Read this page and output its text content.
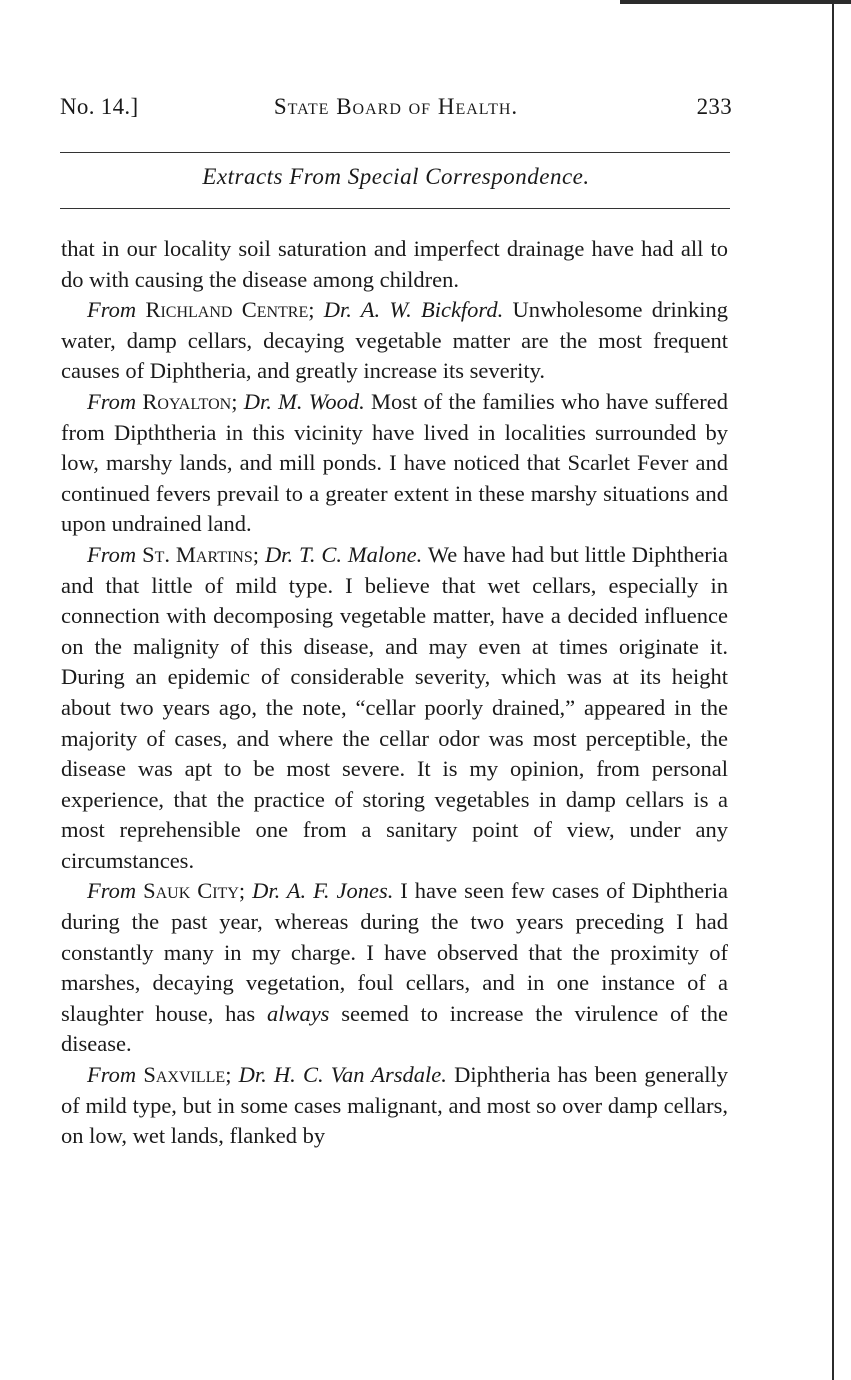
No. 14.]	State Board of Health.	233
Extracts From Special Correspondence.

that in our locality soil saturation and imperfect drainage have had all to do with causing the disease among children.

From Richland Centre; Dr. A. W. Bickford. Unwholesome drinking water, damp cellars, decaying vegetable matter are the most frequent causes of Diphtheria, and greatly increase its severity.

From Royalton; Dr. M. Wood. Most of the families who have suffered from Dipththeria in this vicinity have lived in localities surrounded by low, marshy lands, and mill ponds. I have noticed that Scarlet Fever and continued fevers prevail to a greater extent in these marshy situations and upon undrained land.

From St. Martins; Dr. T. C. Malone. We have had but little Diphtheria and that little of mild type. I believe that wet cellars, especially in connection with decomposing vegetable matter, have a decided influence on the malignity of this disease, and may even at times originate it. During an epidemic of considerable severity, which was at its height about two years ago, the note, “cellar poorly drained,” appeared in the majority of cases, and where the cellar odor was most perceptible, the disease was apt to be most severe. It is my opinion, from personal experience, that the practice of storing vegetables in damp cellars is a most reprehensible one from a sanitary point of view, under any circumstances.

From Sauk City; Dr. A. F. Jones. I have seen few cases of Diphtheria during the past year, whereas during the two years preceding I had constantly many in my charge. I have observed that the proximity of marshes, decaying vegetation, foul cellars, and in one instance of a slaughter house, has always seemed to increase the virulence of the disease.

From Saxville; Dr. H. C. Van Arsdale. Diphtheria has been generally of mild type, but in some cases malignant, and most so over damp cellars, on low, wet lands, flanked by
